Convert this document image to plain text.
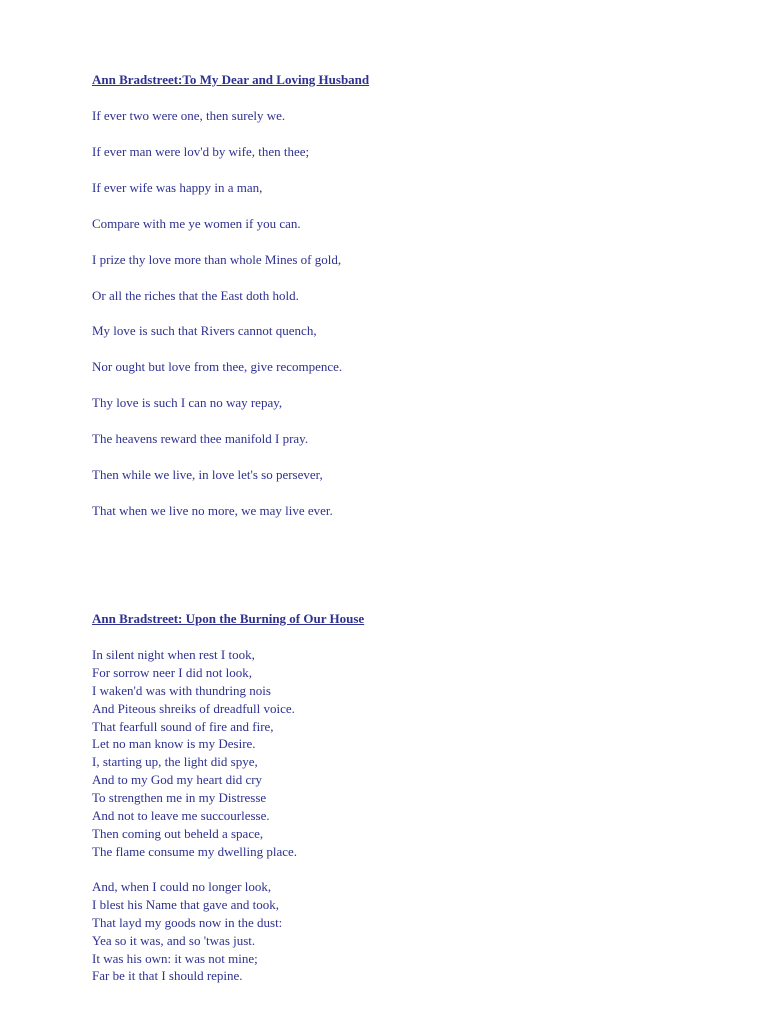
Ann Bradstreet:To My Dear and Loving Husband
If ever two were one, then surely we.
If ever man were lov'd by wife, then thee;
If ever wife was happy in a man,
Compare with me ye women if you can.
I prize thy love more than whole Mines of gold,
Or all the riches that the East doth hold.
My love is such that Rivers cannot quench,
Nor ought but love from thee, give recompence.
Thy love is such I can no way repay,
The heavens reward thee manifold I pray.
Then while we live, in love let's so persever,
That when we live no more, we may live ever.
Ann Bradstreet: Upon the Burning of Our House
In silent night when rest I took,
For sorrow neer I did not look,
I waken'd was with thundring nois
And Piteous shreiks of dreadfull voice.
That fearfull sound of fire and fire,
Let no man know is my Desire.
I, starting up, the light did spye,
And to my God my heart did cry
To strengthen me in my Distresse
And not to leave me succourlesse.
Then coming out beheld a space,
The flame consume my dwelling place.
And, when I could no longer look,
I blest his Name that gave and took,
That layd my goods now in the dust:
Yea so it was, and so 'twas just.
It was his own: it was not mine;
Far be it that I should repine.
